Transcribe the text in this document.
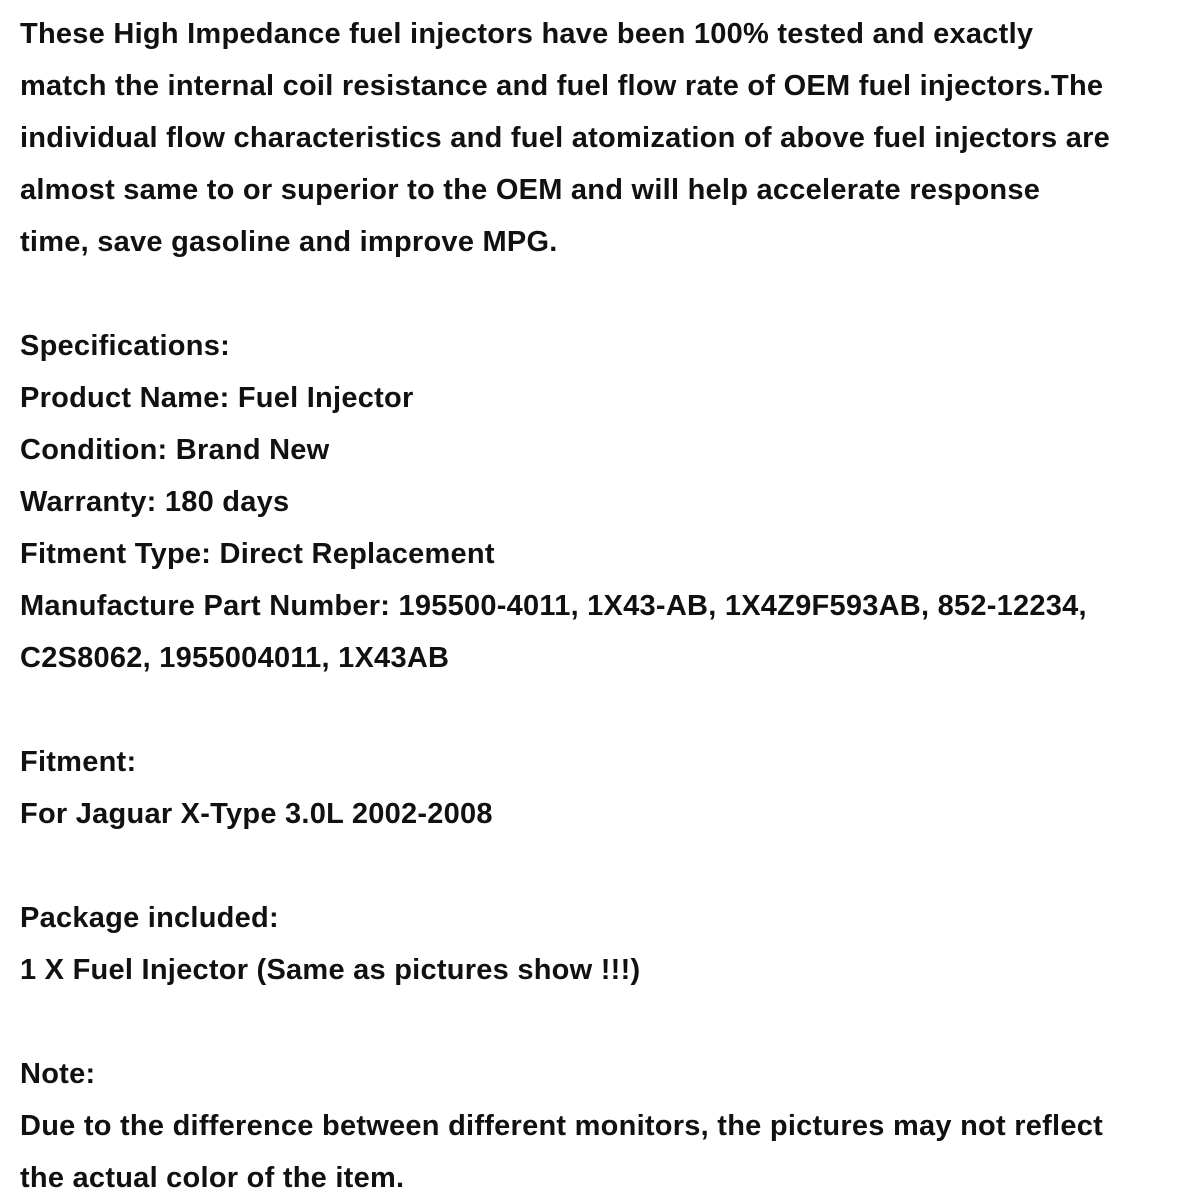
These High Impedance fuel injectors have been 100% tested and exactly
match the internal coil resistance and fuel flow rate of OEM fuel injectors.The
individual flow characteristics and fuel atomization of above fuel injectors are
almost same to or superior to the OEM and will help accelerate response
time, save gasoline and improve MPG.
Specifications:
Product Name: Fuel Injector
Condition: Brand New
Warranty: 180 days
Fitment Type: Direct Replacement
Manufacture Part Number: 195500-4011, 1X43-AB, 1X4Z9F593AB, 852-12234,
C2S8062, 1955004011, 1X43AB
Fitment:
For Jaguar X-Type 3.0L 2002-2008
Package included:
1 X Fuel Injector (Same as pictures show !!!)
Note:
Due to the difference between different monitors, the pictures may not reflect
the actual color of the item.
